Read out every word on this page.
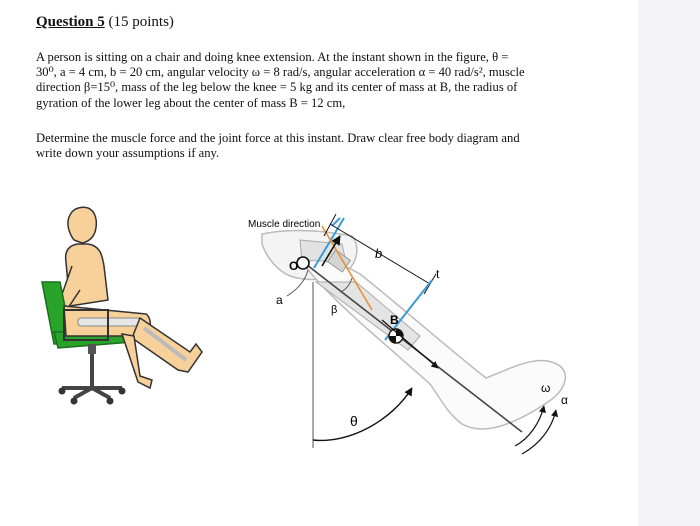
Question 5 (15 points)
A person is sitting on a chair and doing knee extension. At the instant shown in the figure, θ =
30⁰, a = 4 cm, b = 20 cm, angular velocity ω = 8 rad/s, angular acceleration α = 40 rad/s², muscle
direction β=15⁰, mass of the leg below the knee = 5 kg and its center of mass at B, the radius of
gyration of the lower leg about the center of mass B = 12 cm,
Determine the muscle force and the joint force at this instant. Draw clear free body diagram and
write down your assumptions if any.
Muscle direction
O
a
β
B
b
t
θ
ω
α
